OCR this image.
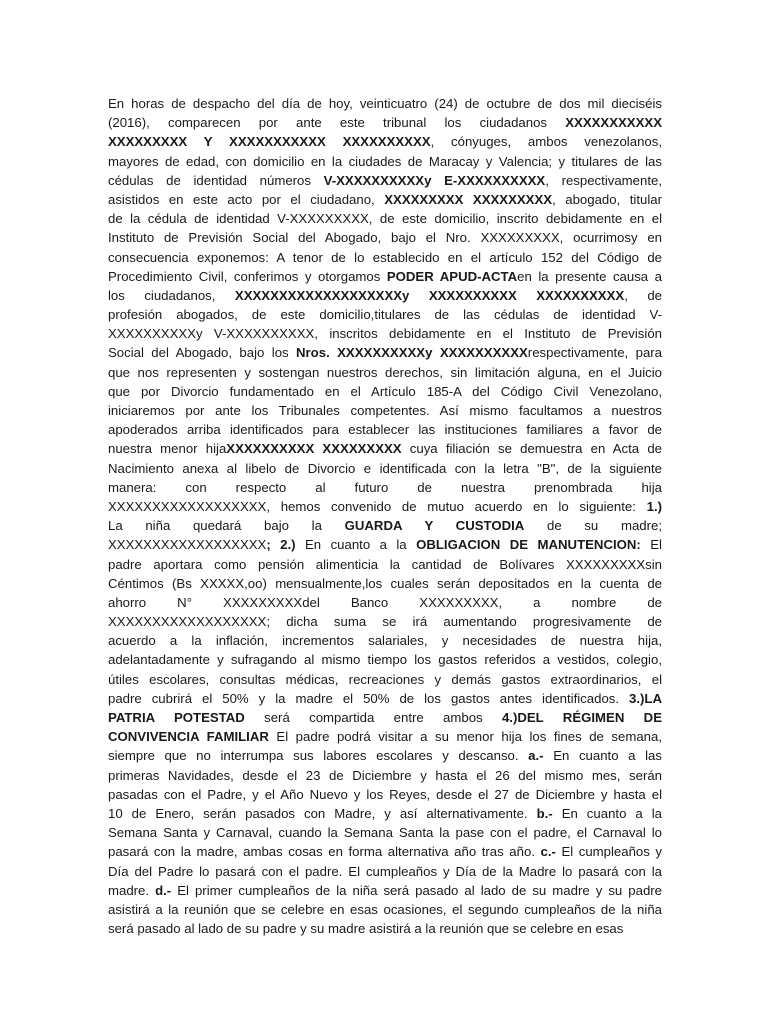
En horas de despacho del día de hoy, veinticuatro (24) de octubre de dos mil dieciséis
(2016), comparecen por ante este tribunal los ciudadanos XXXXXXXXXXX
XXXXXXXXX Y XXXXXXXXXXX XXXXXXXXXX, cónyuges, ambos venezolanos,
mayores de edad, con domicilio en la ciudades de Maracay y Valencia; y titulares de las
cédulas de identidad números V-XXXXXXXXXXy E-XXXXXXXXXX, respectivamente,
asistidos en este acto por el ciudadano, XXXXXXXXX XXXXXXXXX, abogado, titular
de la cédula de identidad V-XXXXXXXXX, de este domicilio, inscrito debidamente en el
Instituto de Previsión Social del Abogado, bajo el Nro. XXXXXXXXX, ocurrimosy en
consecuencia exponemos: A tenor de lo establecido en el artículo 152 del Código de
Procedimiento Civil, conferimos y otorgamos PODER APUD-ACTAen la presente causa a
los ciudadanos, XXXXXXXXXXXXXXXXXXXy XXXXXXXXXX XXXXXXXXXX, de
profesión abogados, de este domicilio,titulares de las cédulas de identidad V-
XXXXXXXXXXy V-XXXXXXXXXX, inscritos debidamente en el Instituto de Previsión
Social del Abogado, bajo los Nros. XXXXXXXXXXy XXXXXXXXXXrespectivamente, para
que nos representen y sostengan nuestros derechos, sin limitación alguna, en el Juicio
que por Divorcio fundamentado en el Artículo 185-A del Código Civil Venezolano,
iniciaremos por ante los Tribunales competentes. Así mismo facultamos a nuestros
apoderados arriba identificados para establecer las instituciones familiares a favor de
nuestra menor hijaXXXXXXXXXX XXXXXXXXX cuya filiación se demuestra en Acta de
Nacimiento anexa al libelo de Divorcio e identificada con la letra "B", de la siguiente
manera: con respecto al futuro de nuestra prenombrada hija
XXXXXXXXXXXXXXXXXX, hemos convenido de mutuo acuerdo en lo siguiente: 1.)
La niña quedará bajo la GUARDA Y CUSTODIA de su madre;
XXXXXXXXXXXXXXXXXX; 2.) En cuanto a la OBLIGACION DE MANUTENCION: El
padre aportara como pensión alimenticia la cantidad de Bolívares XXXXXXXXXsin
Céntimos (Bs XXXXX,oo) mensualmente,los cuales serán depositados en la cuenta de
ahorro N° XXXXXXXXXdel Banco XXXXXXXXX, a nombre de
XXXXXXXXXXXXXXXXXX; dicha suma se irá aumentando progresivamente de
acuerdo a la inflación, incrementos salariales, y necesidades de nuestra hija,
adelantadamente y sufragando al mismo tiempo los gastos referidos a vestidos, colegio,
útiles escolares, consultas médicas, recreaciones y demás gastos extraordinarios, el
padre cubrirá el 50% y la madre el 50% de los gastos antes identificados. 3.)LA
PATRIA POTESTAD será compartida entre ambos 4.)DEL RÉGIMEN DE
CONVIVENCIA FAMILIAR El padre podrá visitar a su menor hija los fines de semana,
siempre que no interrumpa sus labores escolares y descanso. a.- En cuanto a las
primeras Navidades, desde el 23 de Diciembre y hasta el 26 del mismo mes, serán
pasadas con el Padre, y el Año Nuevo y los Reyes, desde el 27 de Diciembre y hasta el
10 de Enero, serán pasados con Madre, y así alternativamente. b.- En cuanto a la
Semana Santa y Carnaval, cuando la Semana Santa la pase con el padre, el Carnaval lo
pasará con la madre, ambas cosas en forma alternativa año tras año. c.- El cumpleaños y
Día del Padre lo pasará con el padre. El cumpleaños y Día de la Madre lo pasará con la
madre. d.- El primer cumpleaños de la niña será pasado al lado de su madre y su padre
asistirá a la reunión que se celebre en esas ocasiones, el segundo cumpleaños de la niña
será pasado al lado de su padre y su madre asistirá a la reunión que se celebre en esas
